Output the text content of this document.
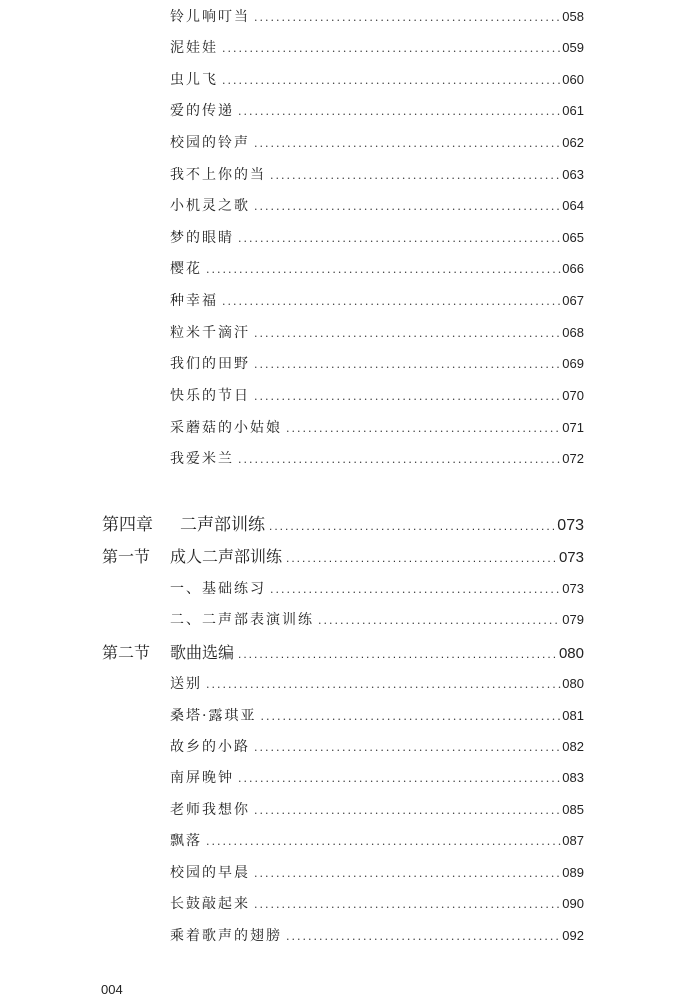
铃儿响叮当 .....	058
泥娃娃 .....	059
虫儿飞 .....	060
爱的传递 .....	061
校园的铃声 .....	062
我不上你的当 .....	063
小机灵之歌 .....	064
梦的眼睛 .....	065
樱花 .....	066
种幸福 .....	067
粒米千滴汗 .....	068
我们的田野 .....	069
快乐的节日 .....	070
采蘑菇的小姑娘 .....	071
我爱米兰 .....	072
第四章 二声部训练 .....	073
第一节 成人二声部训练 .....	073
一、基础练习 .....	073
二、二声部表演训练 .....	079
第二节 歌曲选编 .....	080
送别 .....	080
桑塔·露琪亚 .....	081
故乡的小路 .....	082
南屏晚钟 .....	083
老师我想你 .....	085
飘落 .....	087
校园的早晨 .....	089
长鼓敲起来 .....	090
乘着歌声的翅膀 .....	092
004
